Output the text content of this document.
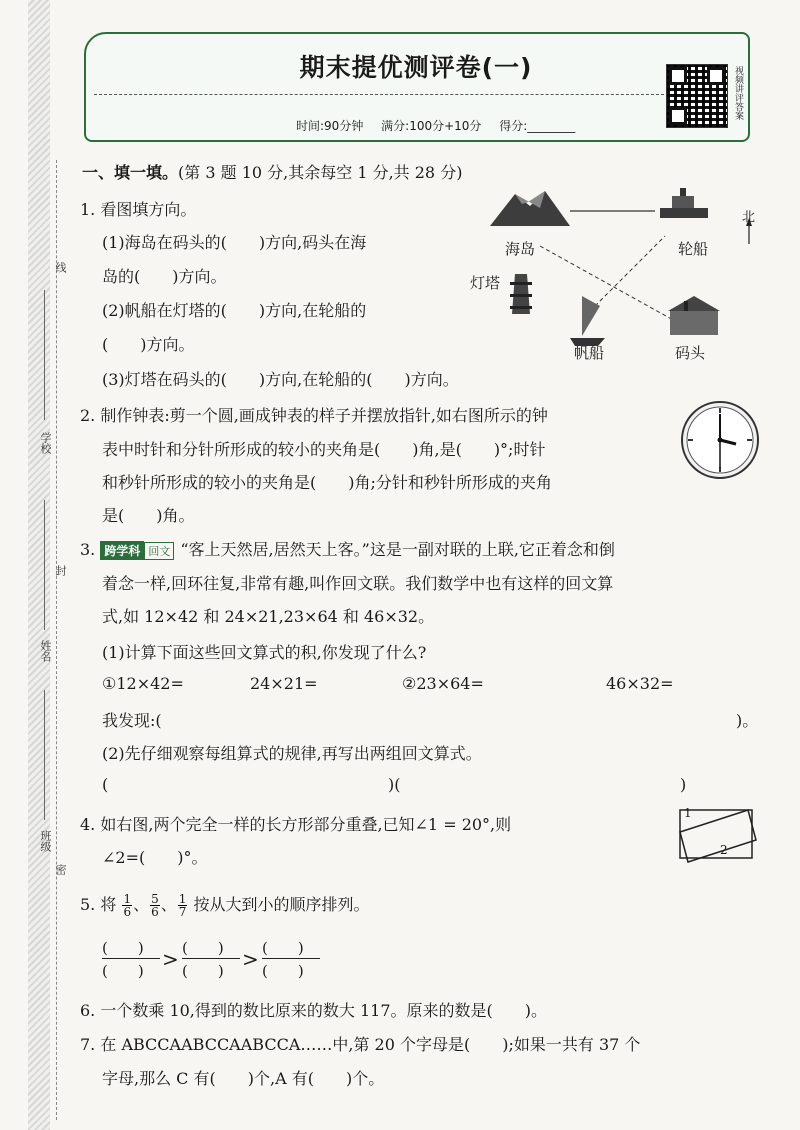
线
学校
封
姓名
班级
密
期末提优测评卷(一)
时间:90分钟 满分:100分+10分 得分:________
视频讲评答案
一、填一填。(第 3 题 10 分,其余每空 1 分,共 28 分)
1. 看图填方向。
(1)海岛在码头的(　　)方向,码头在海
岛的(　　)方向。
(2)帆船在灯塔的(　　)方向,在轮船的
(　　)方向。
(3)灯塔在码头的(　　)方向,在轮船的(　　)方向。
海岛	轮船
灯塔
帆船	码头
北
2. 制作钟表:剪一个圆,画成钟表的样子并摆放指针,如右图所示的钟
表中时针和分针所形成的较小的夹角是(　　)角,是(　　)°;时针
和秒针所形成的较小的夹角是(　　)角;分针和秒针所形成的夹角
是(　　)角。
3. 跨学科 回文 “客上天然居,居然天上客。”这是一副对联的上联,它正着念和倒
着念一样,回环往复,非常有趣,叫作回文联。我们数学中也有这样的回文算
式,如 12×42 和 24×21,23×64 和 46×32。
(1)计算下面这些回文算式的积,你发现了什么?
①12×42=	24×21=	②23×64=	46×32=
我发现:(	)。
(2)先仔细观察每组算式的规律,再写出两组回文算式。
(	)(	)
4. 如右图,两个完全一样的长方形部分重叠,已知∠1 = 20°,则
∠2=(　　)°。
1
2
5. 将 $\frac{1}{6}$、 $\frac{5}{6}$、 $\frac{1}{7}$ 按从大到小的顺序排列。
(　　)
(　　) > (　　)
(　　) > (　　)
(　　)
6. 一个数乘 10,得到的数比原来的数大 117。原来的数是(　　)。
7. 在 ABCCAABCCAABCCA……中,第 20 个字母是(　　);如果一共有 37 个
字母,那么 C 有(　　)个,A 有(　　)个。
